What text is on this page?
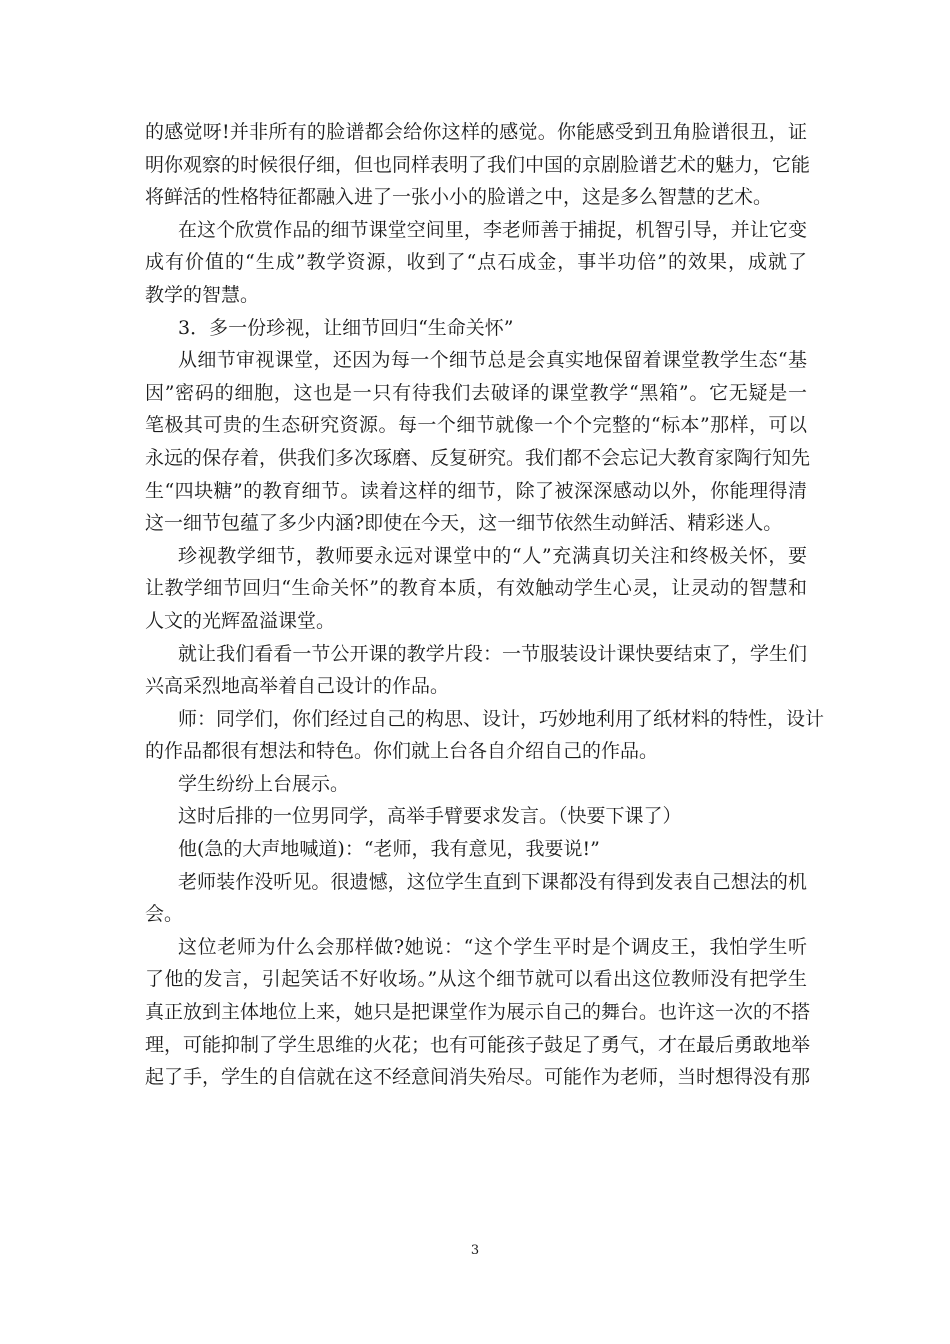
的感觉呀!并非所有的脸谱都会给你这样的感觉。你能感受到丑角脸谱很丑，证

明你观察的时候很仔细，但也同样表明了我们中国的京剧脸谱艺术的魅力，它能

将鲜活的性格特征都融入进了一张小小的脸谱之中，这是多么智慧的艺术。

在这个欣赏作品的细节课堂空间里，李老师善于捕捉，机智引导，并让它变

成有价值的“生成”教学资源，收到了“点石成金，事半功倍”的效果，成就了

教学的智慧。

3．多一份珍视，让细节回归“生命关怀”

从细节审视课堂，还因为每一个细节总是会真实地保留着课堂教学生态“基

因”密码的细胞，这也是一只有待我们去破译的课堂教学“黑箱”。它无疑是一

笔极其可贵的生态研究资源。每一个细节就像一个个完整的“标本”那样，可以

永远的保存着，供我们多次琢磨、反复研究。我们都不会忘记大教育家陶行知先

生“四块糖”的教育细节。读着这样的细节，除了被深深感动以外，你能理得清

这一细节包蕴了多少内涵?即使在今天，这一细节依然生动鲜活、精彩迷人。

珍视教学细节，教师要永远对课堂中的“人”充满真切关注和终极关怀，要

让教学细节回归“生命关怀”的教育本质，有效触动学生心灵，让灵动的智慧和

人文的光辉盈溢课堂。

就让我们看看一节公开课的教学片段：一节服装设计课快要结束了，学生们

兴高采烈地高举着自己设计的作品。

师：同学们，你们经过自己的构思、设计，巧妙地利用了纸材料的特性，设计

的作品都很有想法和特色。你们就上台各自介绍自己的作品。

学生纷纷上台展示。

这时后排的一位男同学，高举手臂要求发言。（快要下课了）

他(急的大声地喊道)：“老师，我有意见，我要说!”

老师装作没听见。很遗憾，这位学生直到下课都没有得到发表自己想法的机

会。

这位老师为什么会那样做?她说：“这个学生平时是个调皮王，我怕学生听

了他的发言，引起笑话不好收场。”从这个细节就可以看出这位教师没有把学生

真正放到主体地位上来，她只是把课堂作为展示自己的舞台。也许这一次的不搭

理，可能抑制了学生思维的火花；也有可能孩子鼓足了勇气，才在最后勇敢地举

起了手，学生的自信就在这不经意间消失殆尽。可能作为老师，当时想得没有那

3
